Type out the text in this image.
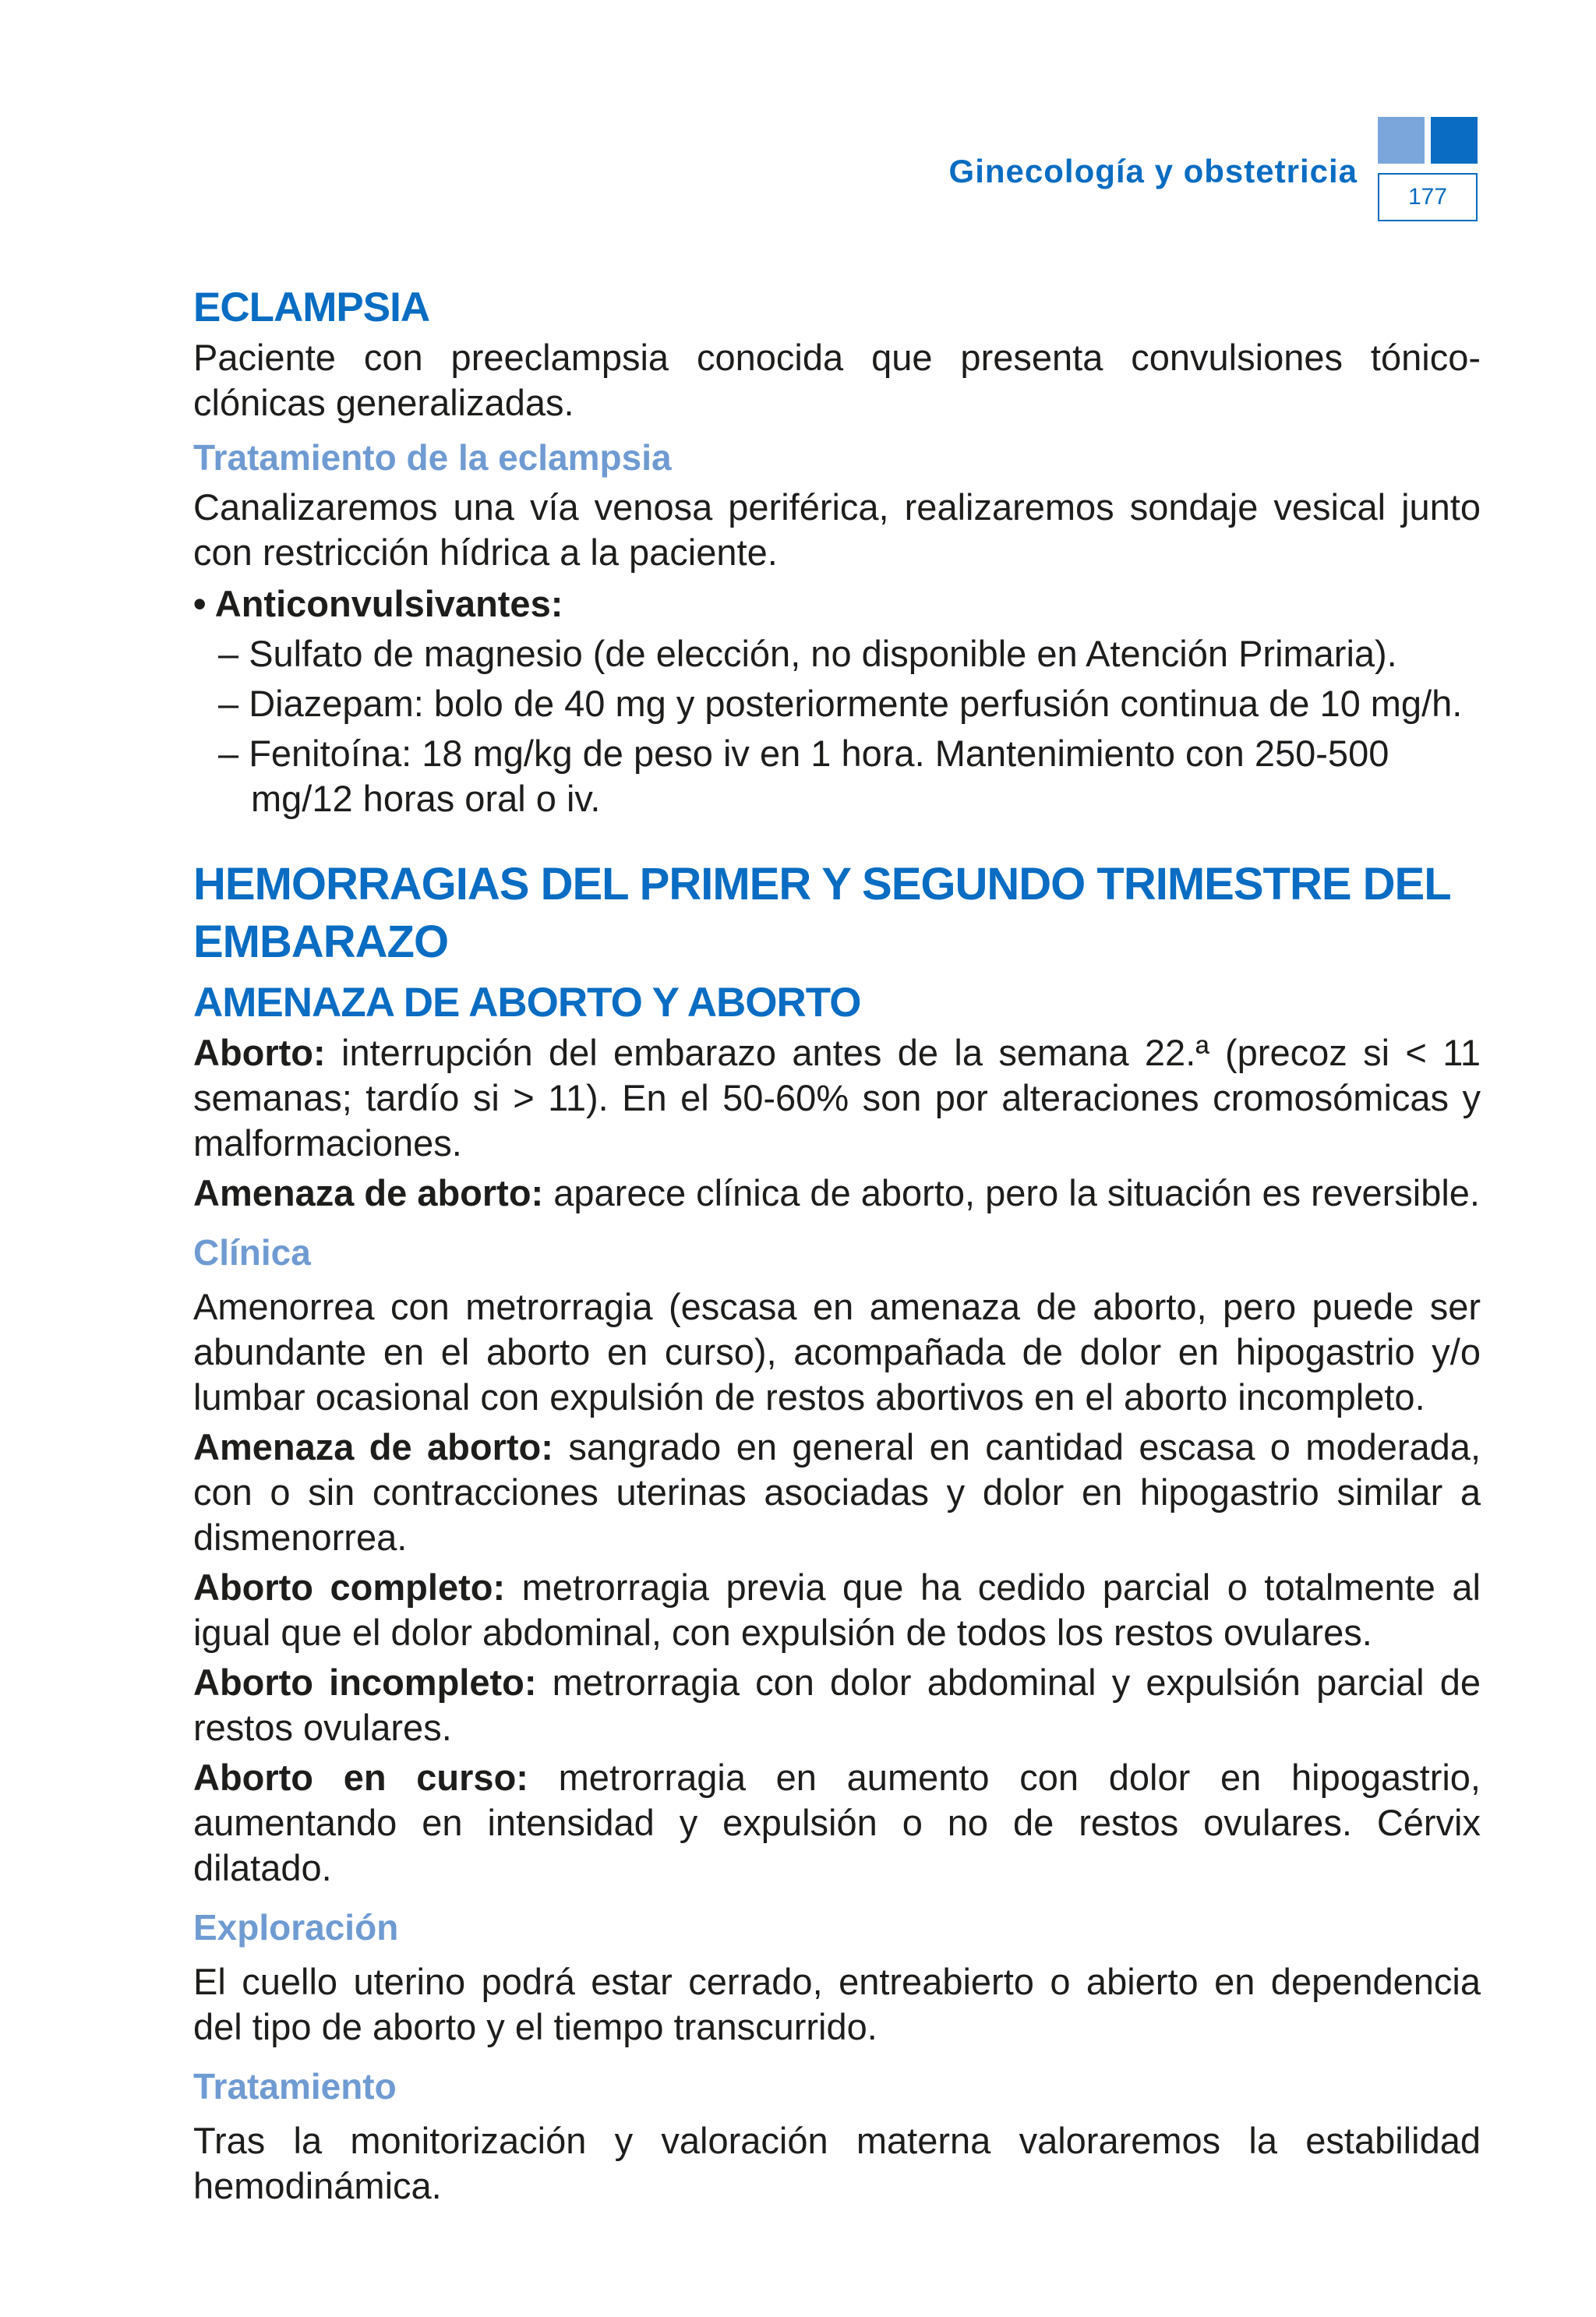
Ginecología y obstetricia
177
ECLAMPSIA

Paciente con preeclampsia conocida que presenta convulsiones tónico-clónicas generalizadas.

Tratamiento de la eclampsia

Canalizaremos una vía venosa periférica, realizaremos sondaje vesical junto con restricción hídrica a la paciente.

• Anticonvulsivantes:

– Sulfato de magnesio (de elección, no disponible en Atención Primaria).

– Diazepam: bolo de 40 mg y posteriormente perfusión continua de 10 mg/h.

– Fenitoína: 18 mg/kg de peso iv en 1 hora. Mantenimiento con 250-500 mg/12 horas oral o iv.

HEMORRAGIAS DEL PRIMER Y SEGUNDO TRIMESTRE DEL EMBARAZO
AMENAZA DE ABORTO Y ABORTO

Aborto: interrupción del embarazo antes de la semana 22.ª (precoz si < 11 semanas; tardío si > 11). En el 50-60% son por alteraciones cromosómicas y malformaciones.

Amenaza de aborto: aparece clínica de aborto, pero la situación es reversible.

Clínica

Amenorrea con metrorragia (escasa en amenaza de aborto, pero puede ser abundante en el aborto en curso), acompañada de dolor en hipogastrio y/o lumbar ocasional con expulsión de restos abortivos en el aborto incompleto.

Amenaza de aborto: sangrado en general en cantidad escasa o moderada, con o sin contracciones uterinas asociadas y dolor en hipogastrio similar a dismenorrea.

Aborto completo: metrorragia previa que ha cedido parcial o totalmente al igual que el dolor abdominal, con expulsión de todos los restos ovulares.

Aborto incompleto: metrorragia con dolor abdominal y expulsión parcial de restos ovulares.

Aborto en curso: metrorragia en aumento con dolor en hipogastrio, aumentando en intensidad y expulsión o no de restos ovulares. Cérvix dilatado.

Exploración

El cuello uterino podrá estar cerrado, entreabierto o abierto en dependencia del tipo de aborto y el tiempo transcurrido.

Tratamiento

Tras la monitorización y valoración materna valoraremos la estabilidad hemodinámica.
